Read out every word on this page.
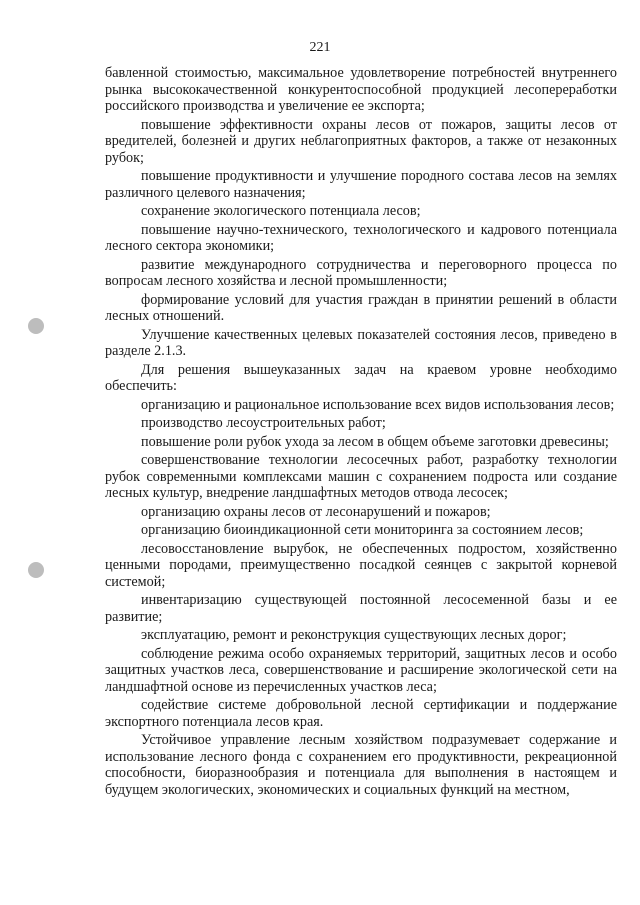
221

бавленной стоимостью, максимальное удовлетворение потребностей внутреннего рынка высококачественной конкурентоспособной продукцией лесоперерaботки российского производства и увеличение ее экспорта;

повышение эффективности охраны лесов от пожаров, защиты лесов от вредителей, болезней и других неблагоприятных факторов, а также от незаконных рубок;

повышение продуктивности и улучшение породного состава лесов на землях различного целевого назначения;

сохранение экологического потенциала лесов;

повышение научно-технического, технологического и кадрового потенциала лесного сектора экономики;

развитие международного сотрудничества и переговорного процесса по вопросам лесного хозяйства и лесной промышленности;

формирование условий для участия граждан в принятии решений в области лесных отношений.

Улучшение качественных целевых показателей состояния лесов, приведено в разделе 2.1.3.

Для решения вышеуказанных задач на краевом уровне необходимо обеспечить:

организацию и рациональное использование всех видов использования лесов;

производство лесоустроительных работ;

повышение роли рубок ухода за лесом в общем объеме заготовки древесины;

совершенствование технологии лесосечных работ, разработку технологии рубок современными комплексами машин с сохранением подроста или создание лесных культур, внедрение ландшафтных методов отвода лесосек;

организацию охраны лесов от лесонарушений и пожаров;

организацию биоиндикационной сети мониторинга за состоянием лесов;

лесовосстановление вырубок, не обеспеченных подростом, хозяйственно ценными породами, преимущественно посадкой сеянцев с закрытой корневой системой;

инвентаризацию существующей постоянной лесосеменной базы и ее развитие;

эксплуатацию, ремонт и реконструкция существующих лесных дорог;

соблюдение режима особо охраняемых территорий, защитных лесов и особо защитных участков леса, совершенствование и расширение экологической сети на ландшафтной основе из перечисленных участков леса;

содействие системе добровольной лесной сертификации и поддержание экспортного потенциала лесов края.

Устойчивое управление лесным хозяйством подразумевает содержание и использование лесного фонда с сохранением его продуктивности, рекреационной способности, биоразнообразия и потенциала для выполнения в настоящем и будущем экологических, экономических и социальных функций на местном,
